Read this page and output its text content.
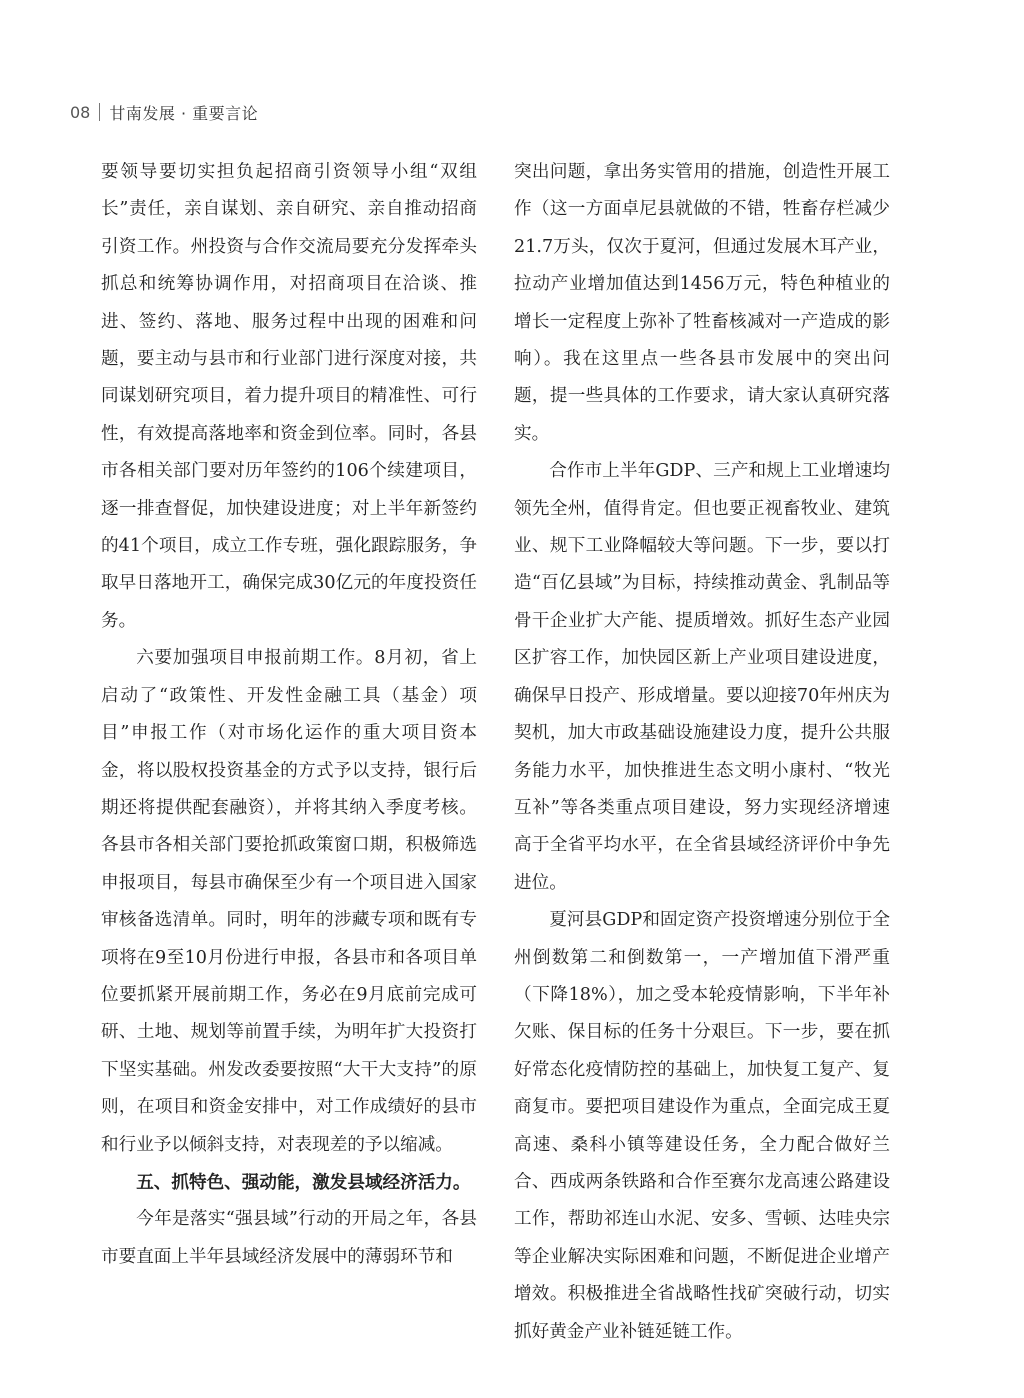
08 甘南发展 · 重要言论

要领导要切实担负起招商引资领导小组“双组长”责任，亲自谋划、亲自研究、亲自推动招商引资工作。州投资与合作交流局要充分发挥牵头抓总和统筹协调作用，对招商项目在洽谈、推进、签约、落地、服务过程中出现的困难和问题，要主动与县市和行业部门进行深度对接，共同谋划研究项目，着力提升项目的精准性、可行性，有效提高落地率和资金到位率。同时，各县市各相关部门要对历年签约的106个续建项目，逐一排查督促，加快建设进度；对上半年新签约的41个项目，成立工作专班，强化跟踪服务，争取早日落地开工，确保完成30亿元的年度投资任务。

六要加强项目申报前期工作。8月初，省上启动了“政策性、开发性金融工具（基金）项目”申报工作（对市场化运作的重大项目资本金，将以股权投资基金的方式予以支持，银行后期还将提供配套融资），并将其纳入季度考核。各县市各相关部门要抢抓政策窗口期，积极筛选申报项目，每县市确保至少有一个项目进入国家审核备选清单。同时，明年的涉藏专项和既有专项将在9至10月份进行申报，各县市和各项目单位要抓紧开展前期工作，务必在9月底前完成可研、土地、规划等前置手续，为明年扩大投资打下坚实基础。州发改委要按照“大干大支持”的原则，在项目和资金安排中，对工作成绩好的县市和行业予以倾斜支持，对表现差的予以缩减。

五、抓特色、强动能，激发县域经济活力。

今年是落实“强县域”行动的开局之年，各县市要直面上半年县域经济发展中的薄弱环节和

突出问题，拿出务实管用的措施，创造性开展工作（这一方面卓尼县就做的不错，牲畜存栏减少21.7万头，仅次于夏河，但通过发展木耳产业，拉动产业增加值达到1456万元，特色种植业的增长一定程度上弥补了牲畜核减对一产造成的影响）。我在这里点一些各县市发展中的突出问题，提一些具体的工作要求，请大家认真研究落实。

合作市上半年GDP、三产和规上工业增速均领先全州，值得肯定。但也要正视畜牧业、建筑业、规下工业降幅较大等问题。下一步，要以打造“百亿县域”为目标，持续推动黄金、乳制品等骨干企业扩大产能、提质增效。抓好生态产业园区扩容工作，加快园区新上产业项目建设进度，确保早日投产、形成增量。要以迎接70年州庆为契机，加大市政基础设施建设力度，提升公共服务能力水平，加快推进生态文明小康村、“牧光互补”等各类重点项目建设，努力实现经济增速高于全省平均水平，在全省县域经济评价中争先进位。

夏河县GDP和固定资产投资增速分别位于全州倒数第二和倒数第一，一产增加值下滑严重（下降18%），加之受本轮疫情影响，下半年补欠账、保目标的任务十分艰巨。下一步，要在抓好常态化疫情防控的基础上，加快复工复产、复商复市。要把项目建设作为重点，全面完成王夏高速、桑科小镇等建设任务，全力配合做好兰合、西成两条铁路和合作至赛尔龙高速公路建设工作，帮助祁连山水泥、安多、雪顿、达哇央宗等企业解决实际困难和问题，不断促进企业增产增效。积极推进全省战略性找矿突破行动，切实抓好黄金产业补链延链工作。
